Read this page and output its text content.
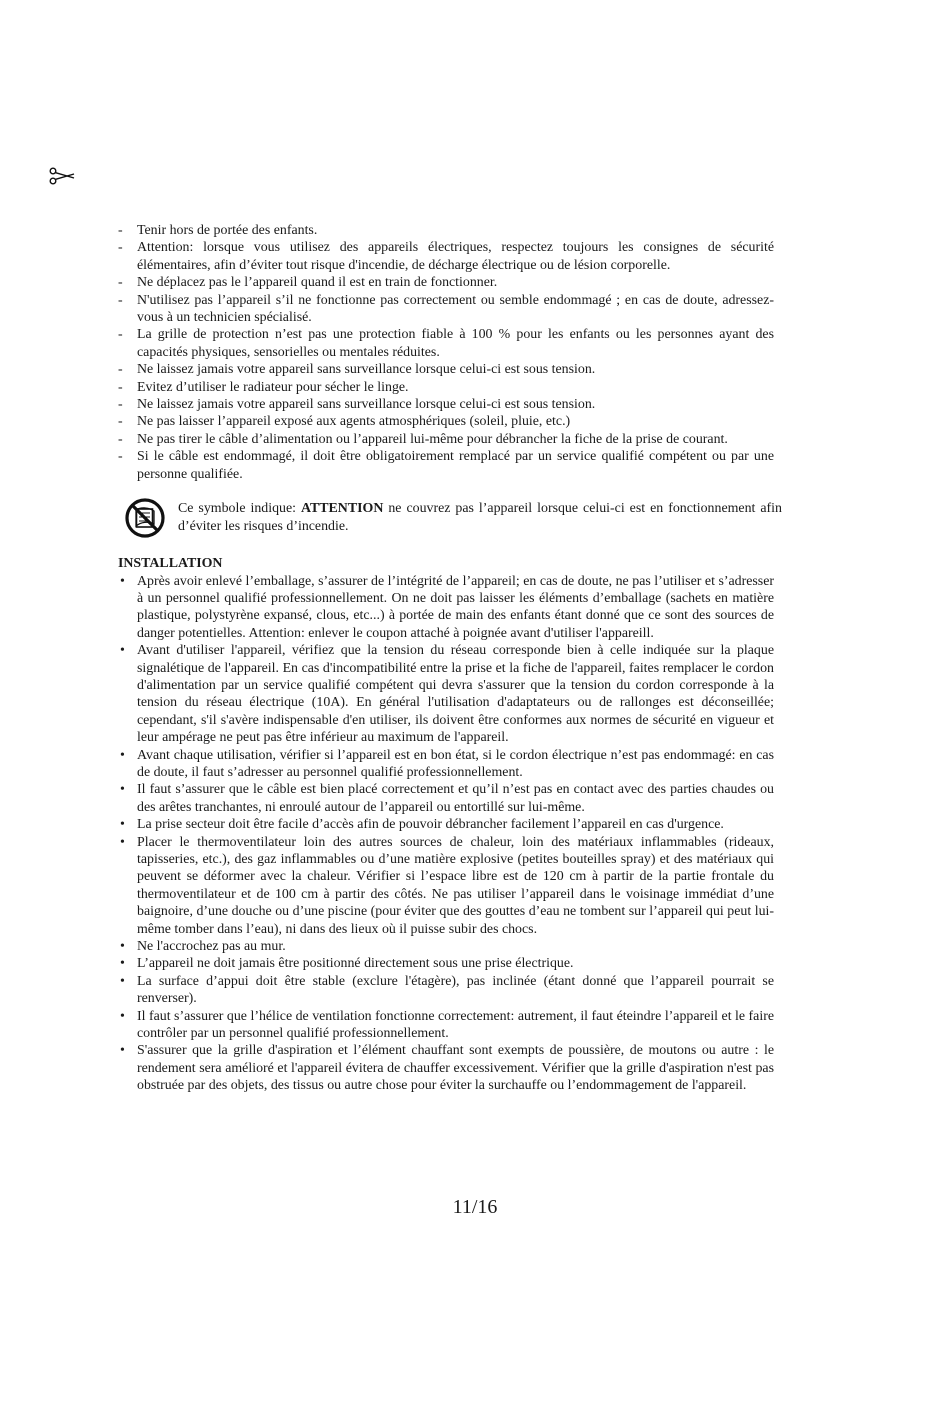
- Tenir hors de portée des enfants.
- Attention: lorsque vous utilisez des appareils électriques, respectez toujours les consignes de sécurité élémentaires, afin d’éviter tout risque d'incendie, de décharge électrique ou de lésion corporelle.
- Ne déplacez pas le l’appareil quand il est en train de fonctionner.
- N'utilisez pas l’appareil s’il ne fonctionne pas correctement ou semble endommagé ; en cas de doute, adressez-vous à un technicien spécialisé.
- La grille de protection n’est pas une protection fiable à 100 % pour les enfants ou les personnes ayant des capacités physiques, sensorielles ou mentales réduites.
- Ne laissez jamais votre appareil sans surveillance lorsque celui-ci est sous tension.
- Evitez d’utiliser le radiateur pour sécher le linge.
- Ne laissez jamais votre appareil sans surveillance lorsque celui-ci est sous tension.
- Ne pas laisser l’appareil exposé aux agents atmosphériques (soleil, pluie, etc.)
- Ne pas tirer le câble d’alimentation ou l’appareil lui-même pour débrancher la fiche de la prise de courant.
- Si le câble est endommagé, il doit être obligatoirement remplacé par un service qualifié compétent ou par une personne qualifiée.
Ce symbole indique: ATTENTION ne couvrez pas l’appareil lorsque celui-ci est en fonctionnement afin d’éviter les risques d’incendie.
INSTALLATION
• Après avoir enlevé l’emballage, s’assurer de l’intégrité de l’appareil; en cas de doute, ne pas l’utiliser et s’adresser à un personnel qualifié professionnellement. On ne doit pas laisser les éléments d’emballage (sachets en matière plastique, polystyrène expansé, clous, etc...) à portée de main des enfants étant donné que ce sont des sources de danger potentielles. Attention: enlever le coupon attaché à poignée avant d'utiliser l'appareill.
• Avant d'utiliser l'appareil, vérifiez que la tension du réseau corresponde bien à celle indiquée sur la plaque signalétique de l'appareil. En cas d'incompatibilité entre la prise et la fiche de l'appareil, faites remplacer le cordon d'alimentation par un service qualifié compétent qui devra s'assurer que la tension du cordon corresponde à la tension du réseau électrique (10A). En général l'utilisation d'adaptateurs ou de rallonges est déconseillée; cependant, s'il s'avère indispensable d'en utiliser, ils doivent être conformes aux normes de sécurité en vigueur et leur ampérage ne peut pas être inférieur au maximum de l'appareil.
• Avant chaque utilisation, vérifier si l’appareil est en bon état, si le cordon électrique n’est pas endommagé: en cas de doute, il faut s’adresser au personnel qualifié professionnellement.
• Il faut s’assurer que le câble est bien placé correctement et qu’il n’est pas en contact avec des parties chaudes ou des arêtes tranchantes, ni enroulé autour de l’appareil ou entortillé sur lui-même.
• La prise secteur doit être facile d’accès afin de pouvoir débrancher facilement l’appareil en cas d'urgence.
• Placer le thermoventilateur loin des autres sources de chaleur, loin des matériaux inflammables (rideaux, tapisseries, etc.), des gaz inflammables ou d’une matière explosive (petites bouteilles spray) et des matériaux qui peuvent se déformer avec la chaleur. Vérifier si l’espace libre est de 120 cm à partir de la partie frontale du thermoventilateur et de 100 cm à partir des côtés. Ne pas utiliser l’appareil dans le voisinage immédiat d’une baignoire, d’une douche ou d’une piscine (pour éviter que des gouttes d’eau ne tombent sur l’appareil qui peut lui-même tomber dans l’eau), ni dans des lieux où il puisse subir des chocs.
• Ne l'accrochez pas au mur.
• L’appareil ne doit jamais être positionné directement sous une prise électrique.
• La surface d’appui doit être stable (exclure l'étagère), pas inclinée (étant donné que l’appareil pourrait se renverser).
• Il faut s’assurer que l’hélice de ventilation fonctionne correctement: autrement, il faut éteindre l’appareil et le faire contrôler par un personnel qualifié professionnellement.
• S'assurer que la grille d'aspiration et l’élément chauffant sont exempts de poussière, de moutons ou autre : le rendement sera amélioré et l'appareil évitera de chauffer excessivement. Vérifier que la grille d'aspiration n'est pas obstruée par des objets, des tissus ou autre chose pour éviter la surchauffe ou l’endommagement de l'appareil.
11/16
